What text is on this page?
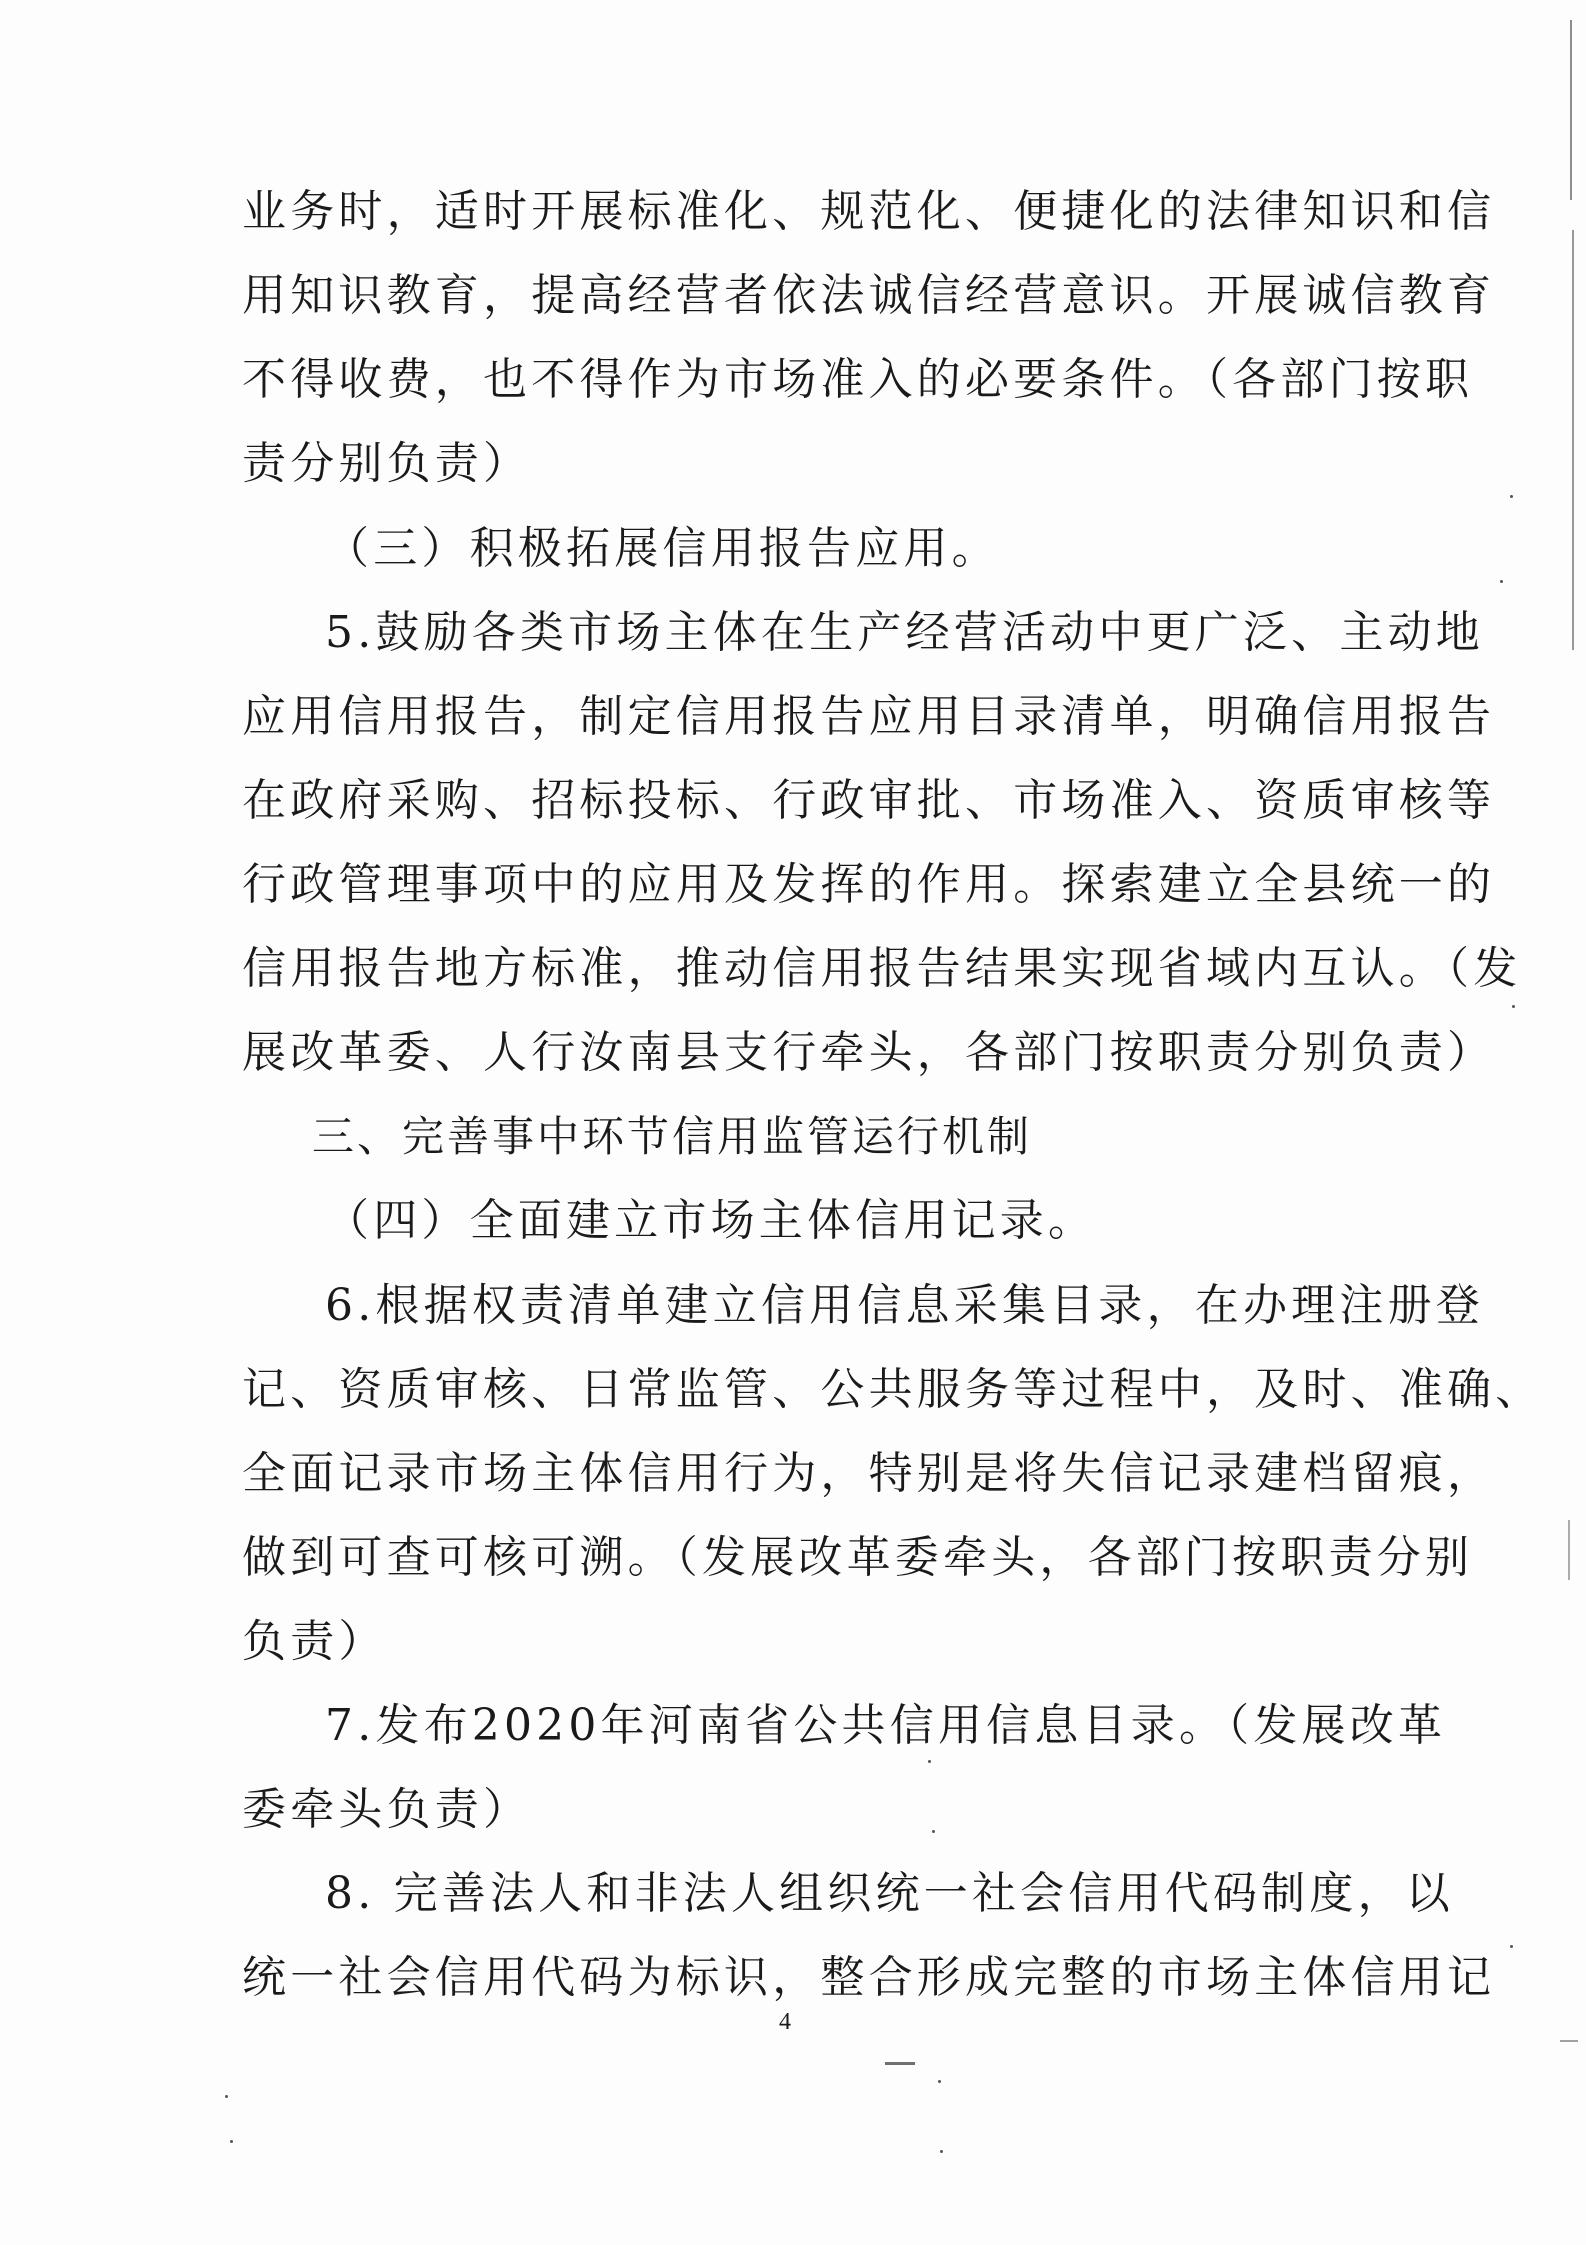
业务时，适时开展标准化、规范化、便捷化的法律知识和信
用知识教育，提高经营者依法诚信经营意识。开展诚信教育
不得收费，也不得作为市场准入的必要条件。（各部门按职
责分别负责）
（三）积极拓展信用报告应用。
5.鼓励各类市场主体在生产经营活动中更广泛、主动地
应用信用报告，制定信用报告应用目录清单，明确信用报告
在政府采购、招标投标、行政审批、市场准入、资质审核等
行政管理事项中的应用及发挥的作用。探索建立全县统一的
信用报告地方标准，推动信用报告结果实现省域内互认。（发
展改革委、人行汝南县支行牵头，各部门按职责分别负责）
三、完善事中环节信用监管运行机制
（四）全面建立市场主体信用记录。
6.根据权责清单建立信用信息采集目录，在办理注册登
记、资质审核、日常监管、公共服务等过程中，及时、准确、
全面记录市场主体信用行为，特别是将失信记录建档留痕，
做到可查可核可溯。（发展改革委牵头，各部门按职责分别
负责）
7.发布2020年河南省公共信用信息目录。（发展改革
委牵头负责）
8. 完善法人和非法人组织统一社会信用代码制度，以
统一社会信用代码为标识，整合形成完整的市场主体信用记
4
